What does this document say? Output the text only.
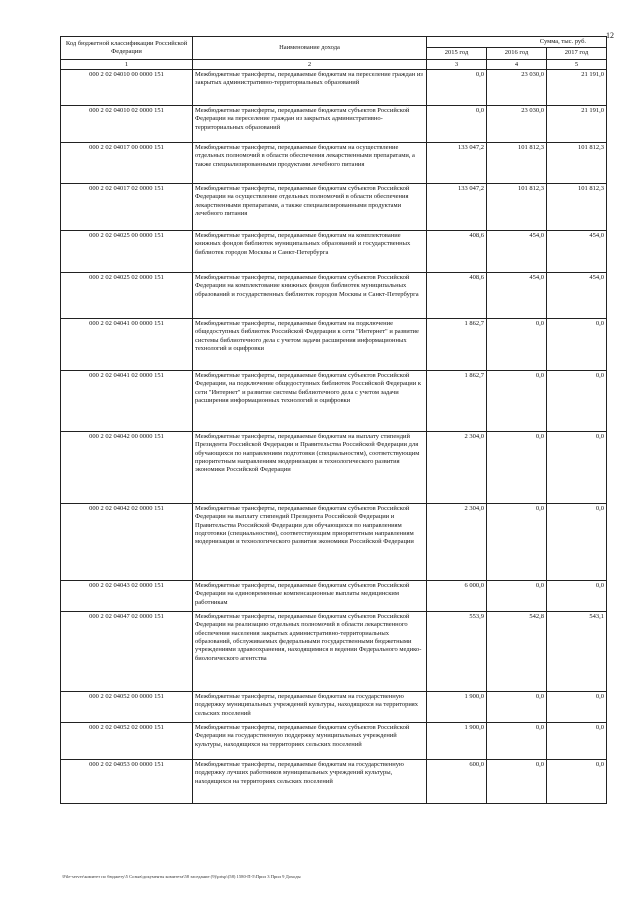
12
Код бюджетной классификации Российской Федерации	Наименование дохода	Сумма, тыс. руб.		
		2015 год	2016 год	2017 год
1	2	3	4	5
000 2 02 04010 00 0000 151	Межбюджетные трансферты, передаваемые бюджетам на переселение граждан из закрытых административно-территориальных образований	0,0	23 030,0	21 191,0
000 2 02 04010 02 0000 151	Межбюджетные трансферты, передаваемые бюджетам субъектов Российской Федерации на переселение граждан из закрытых административно-территориальных образований	0,0	23 030,0	21 191,0
000 2 02 04017 00 0000 151	Межбюджетные трансферты, передаваемые бюджетам на осуществление отдельных полномочий в области обеспечения лекарственными препаратами, а также специализированными продуктами лечебного питания	133 047,2	101 812,3	101 812,3
000 2 02 04017 02 0000 151	Межбюджетные трансферты, передаваемые бюджетам субъектов Российской Федерации на осуществление отдельных полномочий в области обеспечения лекарственными препаратами, а также специализированными продуктами лечебного питания	133 047,2	101 812,3	101 812,3
000 2 02 04025 00 0000 151	Межбюджетные трансферты, передаваемые бюджетам на комплектование книжных фондов библиотек муниципальных образований и государственных библиотек городов Москвы и Санкт-Петербурга	408,6	454,0	454,0
000 2 02 04025 02 0000 151	Межбюджетные трансферты, передаваемые бюджетам субъектов Российской Федерации на комплектование книжных фондов библиотек муниципальных образований и государственных библиотек городов Москвы и Санкт-Петербурга	408,6	454,0	454,0
000 2 02 04041 00 0000 151	Межбюджетные трансферты, передаваемые бюджетам на подключение общедоступных библиотек Российской Федерации к сети "Интернет" и развитие системы библиотечного дела с учетом задачи расширения информационных технологий и оцифровки	1 862,7	0,0	0,0
000 2 02 04041 02 0000 151	Межбюджетные трансферты, передаваемые бюджетам субъектов Российской Федерации, на подключение общедоступных библиотек Российской Федерации к сети "Интернет" и развитие системы библиотечного дела с учетом задачи расширения информационных технологий и оцифровки	1 862,7	0,0	0,0
000 2 02 04042 00 0000 151	Межбюджетные трансферты, передаваемые бюджетам на выплату стипендий Президента Российской Федерации и Правительства Российской Федерации для обучающихся по направлениям подготовки (специальностям), соответствующим приоритетным направлениям модернизации и технологического развития экономики Российской Федерации	2 304,0	0,0	0,0
000 2 02 04042 02 0000 151	Межбюджетные трансферты, передаваемые бюджетам субъектов Российской Федерации на выплату стипендий Президента Российской Федерации и Правительства Российской Федерации для обучающихся по направлениям подготовки (специальностям), соответствующим приоритетным направлениям модернизации и технологического развития экономики Российской Федерации	2 304,0	0,0	0,0
000 2 02 04043 02 0000 151	Межбюджетные трансферты, передаваемые бюджетам субъектов Российской Федерации на единовременные компенсационные выплаты медицинским работникам	6 000,0	0,0	0,0
000 2 02 04047 02 0000 151	Межбюджетные трансферты, передаваемые бюджетам субъектов Российской Федерации на реализацию отдельных полномочий в области лекарственного обеспечения населения закрытых административно-территориальных образований, обслуживаемых федеральными государственными бюджетными учреждениями здравоохранения, находящимися в ведении Федерального медико-биологического агентства	553,9	542,8	543,1
000 2 02 04052 00 0000 151	Межбюджетные трансферты, передаваемые бюджетам на государственную поддержку муниципальных учреждений культуры, находящихся на территориях сельских поселений	1 900,0	0,0	0,0
000 2 02 04052 02 0000 151	Межбюджетные трансферты, передаваемые бюджетам субъектов Российской Федерации на государственную поддержку муниципальных учреждений культуры, находящихся на территориях сельских поселений	1 900,0	0,0	0,0
000 2 02 04053 00 0000 151	Межбюджетные трансферты, передаваемые бюджетам на государственную поддержку лучших работников муниципальных учреждений культуры, находящихся на территориях сельских поселений	600,0	0,0	0,0
\File-server\комитет по бюджету\5 Созыв\документы комитета\58 заседание (9)\prtsp\(58) 1580-П-5\Прил 3 Прил 9 Доходы
